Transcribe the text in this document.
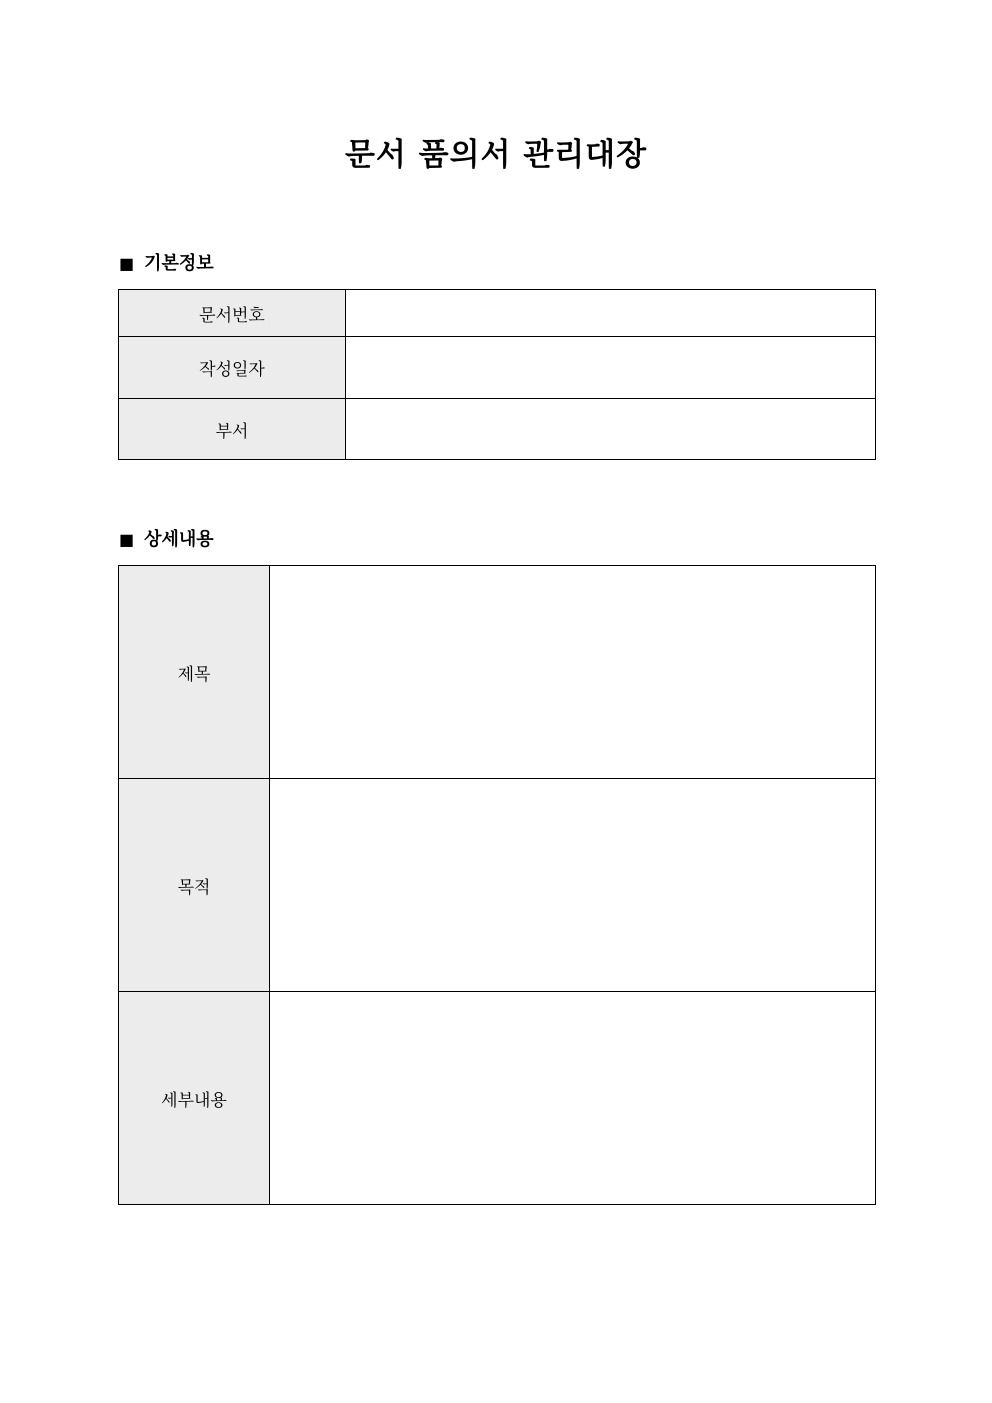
문서 품의서 관리대장
■ 기본정보
문서번호	
작성일자	
부서	
■ 상세내용
제목	
목적	
세부내용	
